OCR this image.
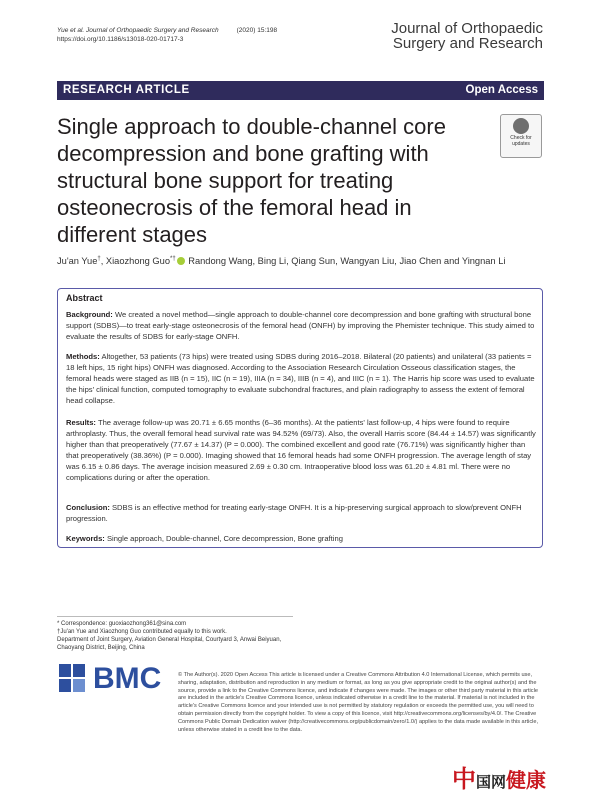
Yue et al. Journal of Orthopaedic Surgery and Research	(2020) 15:198
https://doi.org/10.1186/s13018-020-01717-3
Journal of Orthopaedic
Surgery and Research
RESEARCH ARTICLE	Open Access
Single approach to double-channel core
decompression and bone grafting with
structural bone support for treating
osteonecrosis of the femoral head in
different stages
Check for
updates
Ju'an Yue†, Xiaozhong Guo*† Randong Wang, Bing Li, Qiang Sun, Wangyan Liu, Jiao Chen and Yingnan Li
Abstract
Background: We created a novel method—single approach to double-channel core decompression and bone grafting with structural bone support (SDBS)—to treat early-stage osteonecrosis of the femoral head (ONFH) by improving the Phemister technique. This study aimed to evaluate the results of SDBS for early-stage ONFH.
Methods: Altogether, 53 patients (73 hips) were treated using SDBS during 2016–2018. Bilateral (20 patients) and unilateral (33 patients = 18 left hips, 15 right hips) ONFH was diagnosed. According to the Association Research Circulation Osseous classification stages, the femoral heads were staged as IIB (n = 15), IIC (n = 19), IIIA (n = 34), IIIB (n = 4), and IIIC (n = 1). The Harris hip score was used to evaluate the hips' clinical function, computed tomography to evaluate subchondral fractures, and plain radiography to assess the extent of femoral head collapse.
Results: The average follow-up was 20.71 ± 6.65 months (6–36 months). At the patients' last follow-up, 4 hips were found to require arthroplasty. Thus, the overall femoral head survival rate was 94.52% (69/73). Also, the overall Harris score (84.44 ± 14.57) was significantly higher than that preoperatively (77.67 ± 14.37) (P = 0.000). The combined excellent and good rate (76.71%) was significantly higher than that preoperatively (38.36%) (P = 0.000). Imaging showed that 16 femoral heads had some ONFH progression. The average length of stay was 6.15 ± 0.86 days. The average incision measured 2.69 ± 0.30 cm. Intraoperative blood loss was 61.20 ± 4.81 ml. There were no complications during or after the operation.
Conclusion: SDBS is an effective method for treating early-stage ONFH. It is a hip-preserving surgical approach to slow/prevent ONFH progression.
Keywords: Single approach, Double-channel, Core decompression, Bone grafting
* Correspondence: guoxiaozhong361@sina.com
†Ju'an Yue and Xiaozhong Guo contributed equally to this work.
Department of Joint Surgery, Aviation General Hospital, Courtyard 3, Anwai Beiyuan, Chaoyang District, Beijing, China
BMC	© The Author(s). 2020 Open Access This article is licensed under a Creative Commons Attribution 4.0 International License, which permits use, sharing, adaptation, distribution and reproduction in any medium or format, as long as you give appropriate credit to the original author(s) and the source, provide a link to the Creative Commons licence, and indicate if changes were made. The images or other third party material in this article are included in the article's Creative Commons licence, unless indicated otherwise in a credit line to the material. If material is not included in the article's Creative Commons licence and your intended use is not permitted by statutory regulation or exceeds the permitted use, you will need to obtain permission directly from the copyright holder. To view a copy of this licence, visit http://creativecommons.org/licenses/by/4.0/. The Creative Commons Public Domain Dedication waiver (http://creativecommons.org/publicdomain/zero/1.0/) applies to the data made available in this article, unless otherwise stated in a credit line to the data.
中国网健康
